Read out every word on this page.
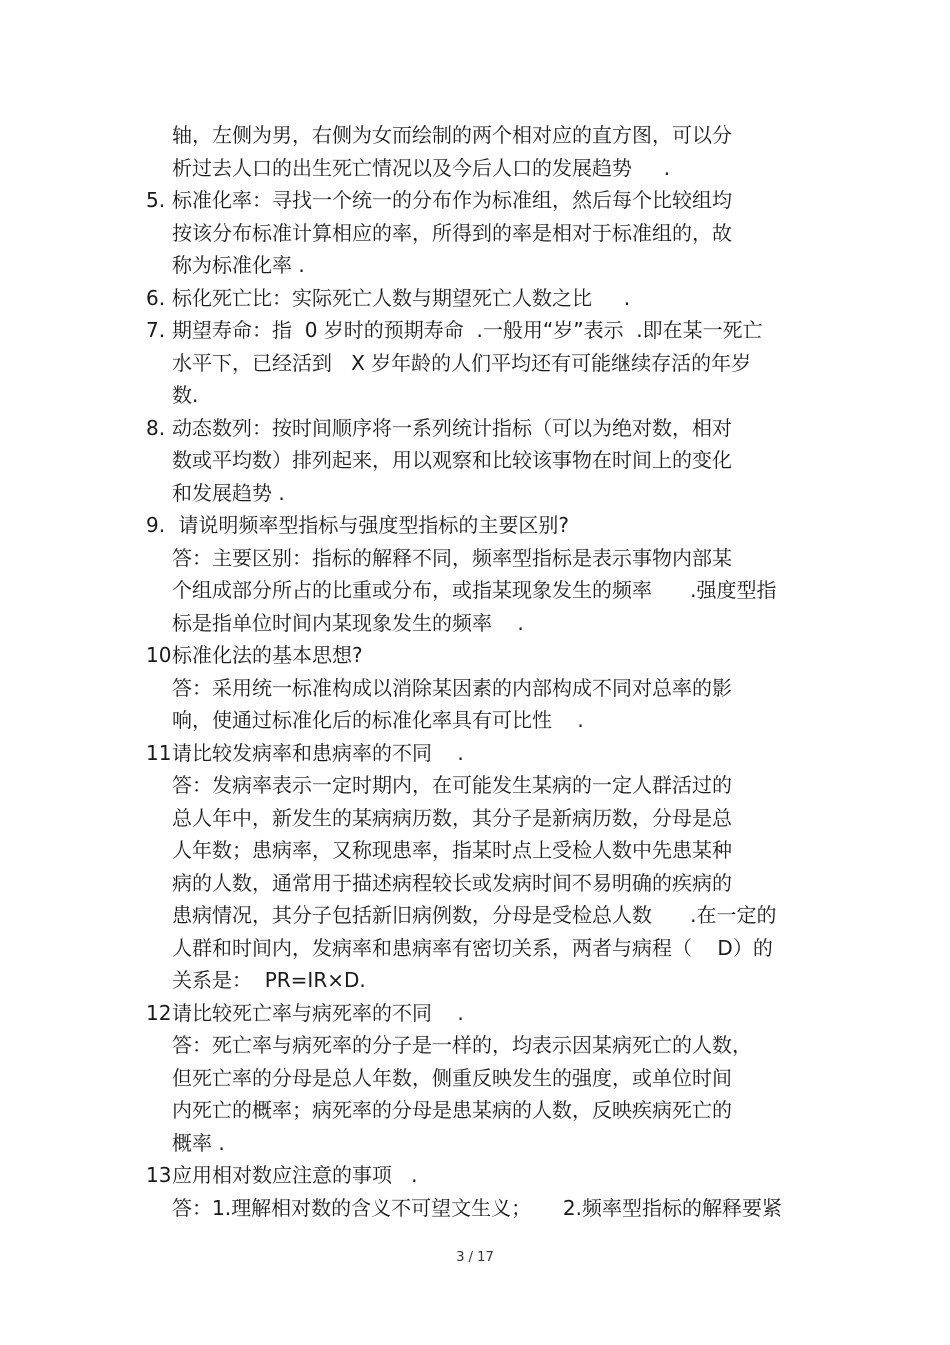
轴，左侧为男，右侧为女而绘制的两个相对应的直方图，可以分
析过去人口的出生死亡情况以及今后人口的发展趋势     .
5. 标准化率：寻找一个统一的分布作为标准组，然后每个比较组均
按该分布标准计算相应的率，所得到的率是相对于标准组的，故
称为标准化率 .
6. 标化死亡比：实际死亡人数与期望死亡人数之比     .
7. 期望寿命：指  0 岁时的预期寿命  .一般用“岁”表示  .即在某一死亡
水平下，已经活到   X 岁年龄的人们平均还有可能继续存活的年岁
数.
8. 动态数列：按时间顺序将一系列统计指标（可以为绝对数，相对
数或平均数）排列起来，用以观察和比较该事物在时间上的变化
和发展趋势 .
9. 请说明频率型指标与强度型指标的主要区别?
答：主要区别：指标的解释不同，频率型指标是表示事物内部某
个组成部分所占的比重或分布，或指某现象发生的频率      .强度型指
标是指单位时间内某现象发生的频率    .
10标准化法的基本思想?
答：采用统一标准构成以消除某因素的内部构成不同对总率的影
响，使通过标准化后的标准化率具有可比性    .
11请比较发病率和患病率的不同    .
答：发病率表示一定时期内，在可能发生某病的一定人群活过的
总人年中，新发生的某病病历数，其分子是新病历数，分母是总
人年数；患病率，又称现患率，指某时点上受检人数中先患某种
病的人数，通常用于描述病程较长或发病时间不易明确的疾病的
患病情况，其分子包括新旧病例数，分母是受检总人数      .在一定的
人群和时间内，发病率和患病率有密切关系，两者与病程（    D）的
关系是：  PR=IR×D.
12请比较死亡率与病死率的不同    .
答：死亡率与病死率的分子是一样的，均表示因某病死亡的人数，
但死亡率的分母是总人年数，侧重反映发生的强度，或单位时间
内死亡的概率；病死率的分母是患某病的人数，反映疾病死亡的
概率 .
13应用相对数应注意的事项   .
答：1.理解相对数的含义不可望文生义；     2.频率型指标的解释要紧
3 / 17
